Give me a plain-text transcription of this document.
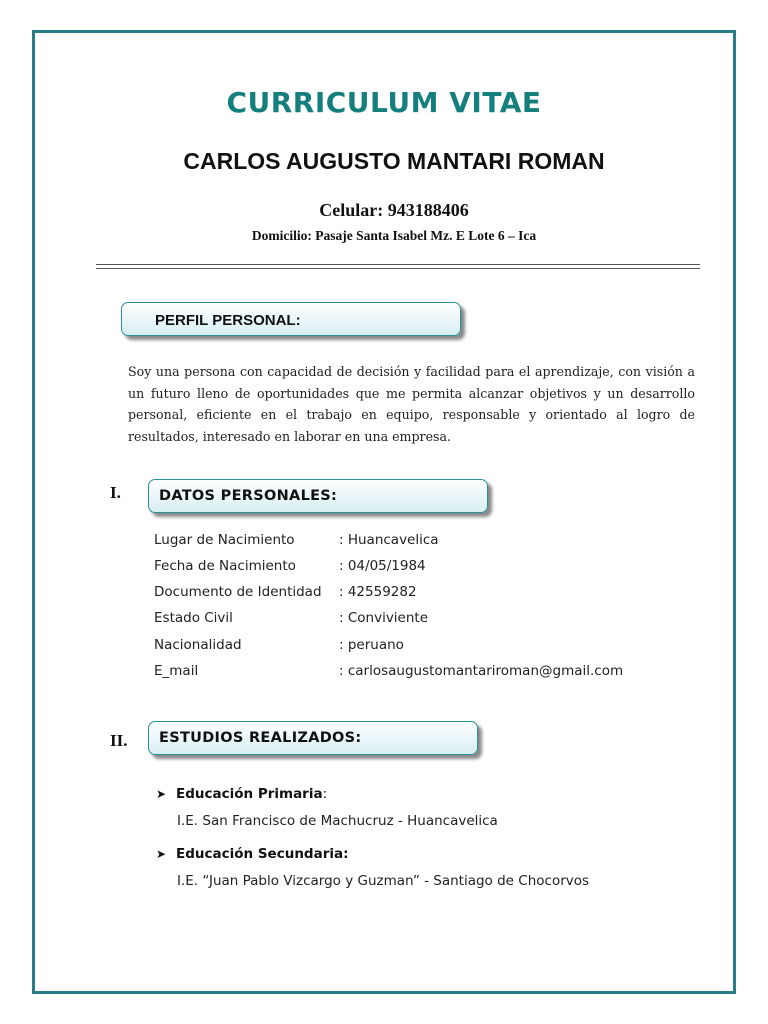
CURRICULUM VITAE
CARLOS AUGUSTO MANTARI ROMAN
Celular: 943188406
Domicilio: Pasaje Santa Isabel Mz. E Lote 6 – Ica
PERFIL PERSONAL:
Soy una persona con capacidad de decisión y facilidad para el aprendizaje, con visión a un futuro lleno de oportunidades que me permita alcanzar objetivos y un desarrollo personal, eficiente en el trabajo en equipo, responsable y orientado al logro de resultados, interesado en laborar en una empresa.
I.	DATOS PERSONALES:
Lugar de Nacimiento	: Huancavelica
Fecha de Nacimiento	: 04/05/1984
Documento de Identidad : 42559282
Estado Civil	: Conviviente
Nacionalidad	: peruano
E_mail	: carlosaugustomantariroman@gmail.com
II. ESTUDIOS REALIZADOS:
➤ Educación Primaria:
I.E. San Francisco de Machucruz - Huancavelica
➤ Educación Secundaria:
I.E. “Juan Pablo Vizcargo y Guzman” - Santiago de Chocorvos
